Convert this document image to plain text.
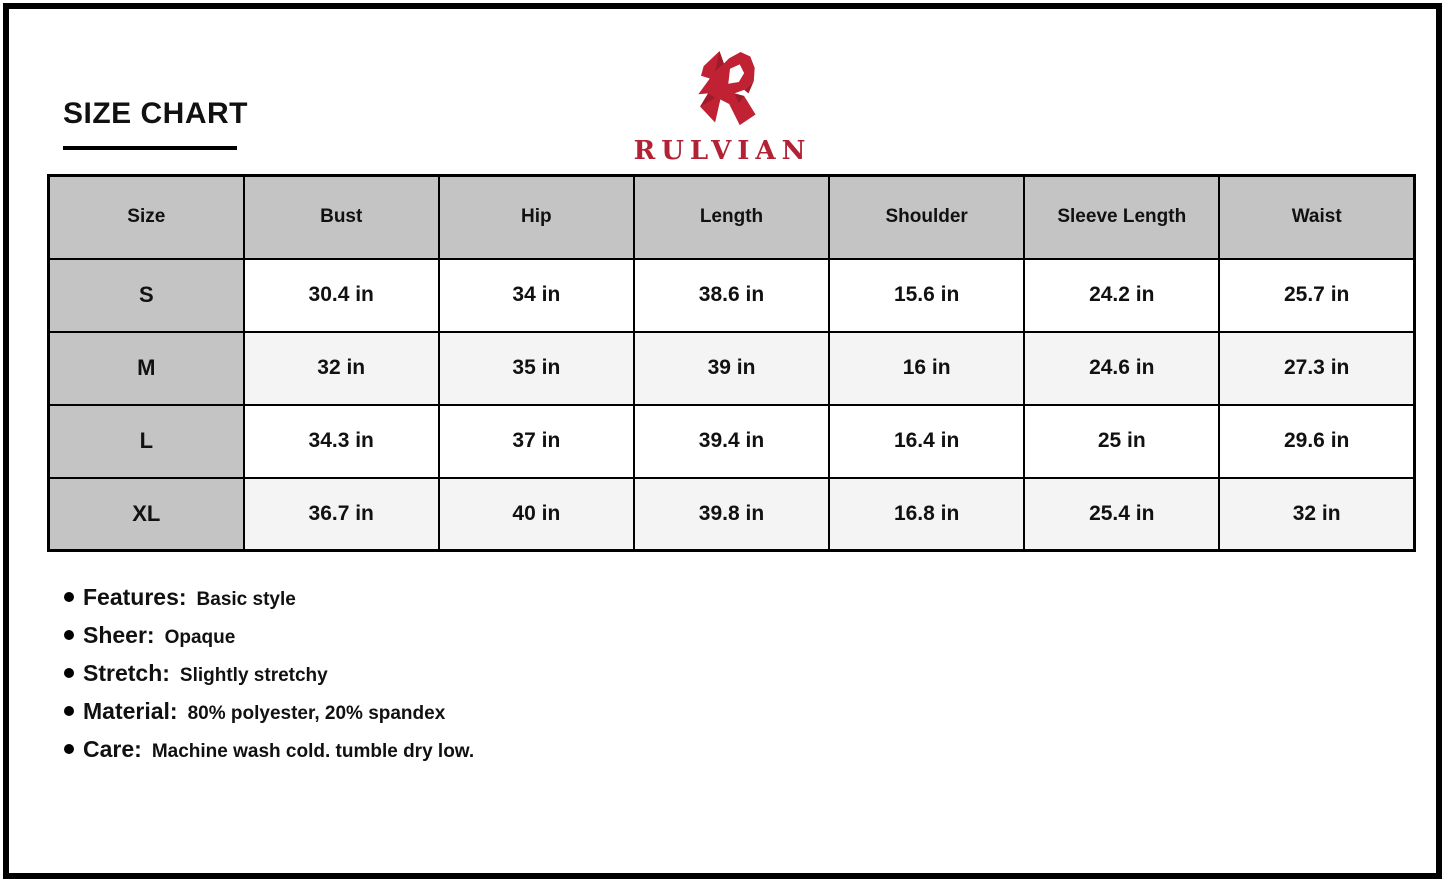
SIZE CHART
RULVIAN
Size	Bust	Hip	Length	Shoulder	Sleeve Length	Waist
S	30.4 in	34 in	38.6 in	15.6 in	24.2 in	25.7 in
M	32 in	35 in	39 in	16 in	24.6 in	27.3 in
L	34.3 in	37 in	39.4 in	16.4 in	25 in	29.6 in
XL	36.7 in	40 in	39.8 in	16.8 in	25.4 in	32 in
Features: Basic style
Sheer: Opaque
Stretch: Slightly stretchy
Material: 80% polyester, 20% spandex
Care: Machine wash cold. tumble dry low.
